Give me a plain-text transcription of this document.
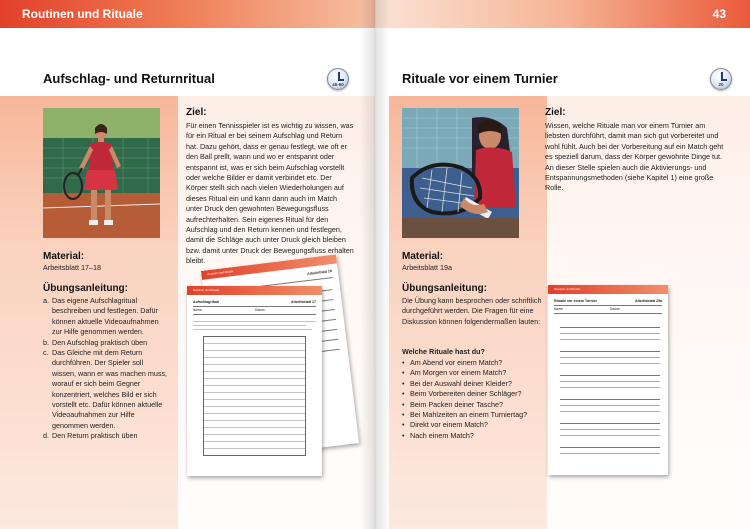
Routinen und Rituale
Aufschlag- und Returnritual	45-60
Ziel:
Für einen Tennisspieler ist es wichtig zu wissen, was für ein Ritual er bei seinem Aufschlag und Return hat. Dazu gehört, dass er genau festlegt, wie oft er den Ball prellt, wann und wo er entspannt oder entspannt ist, was er sich beim Aufschlag vorstellt oder welche Bilder er damit verbindet etc. Der Körper stellt sich nach vielen Wiederholungen auf dieses Ritual ein und kann dann auch im Match unter Druck den gewohnten Bewegungsfluss aufrechterhalten. Sein eigenes Ritual für den Aufschlag und den Return kennen und festlegen, damit die Schläge auch unter Druck gleich bleiben bzw. damit unter Druck der Bewegungsfluss erhalten bleibt.
Material:
Arbeitsblatt 17–18
Übungsanleitung:
a. Das eigene Aufschlagritual beschreiben und festlegen. Dafür können aktuelle Videoaufnahmen zur Hilfe genommen werden.
b. Den Aufschlag praktisch üben
c. Das Gleiche mit dem Return durchführen. Der Spieler soll wissen, wann er was machen muss, worauf er sich beim Gegner konzentriert, welches Bild er sich vorstellt etc. Dafür können aktuelle Videoaufnahmen zur Hilfe genommen werden.
d. Den Return praktisch üben
Routinen und Rituale	Arbeitsblatt 18
Routinen und Rituale
Aufschlagritual	Arbeitsblatt 17
Name:	Datum:
43
Rituale vor einem Turnier	20
Ziel:
Wissen, welche Rituale man vor einem Turnier am liebsten durchführt, damit man sich gut vorbereitet und wohl fühlt. Auch bei der Vorbereitung auf ein Match geht es speziell darum, dass der Körper gewohnte Dinge tut. An dieser Stelle spielen auch die Aktivierungs- und Entspannungsmethoden (siehe Kapitel 1) eine große Rolle.
Material:
Arbeitsblatt 19a
Übungsanleitung:
Die Übung kann besprochen oder schriftlich durchgeführt werden. Die Fragen für eine Diskussion können folgendermaßen lauten:
Welche Rituale hast du?
• Am Abend vor einem Match?
• Am Morgen vor einem Match?
• Bei der Auswahl deiner Kleider?
• Beim Vorbereiten deiner Schläger?
• Beim Packen deiner Tasche?
• Bei Mahlzeiten an einem Turniertag?
• Direkt vor einem Match?
• Nach einem Match?
Routinen und Rituale
Rituale vor einem Turnier	Arbeitsblatt 19a
Name:	Datum:
